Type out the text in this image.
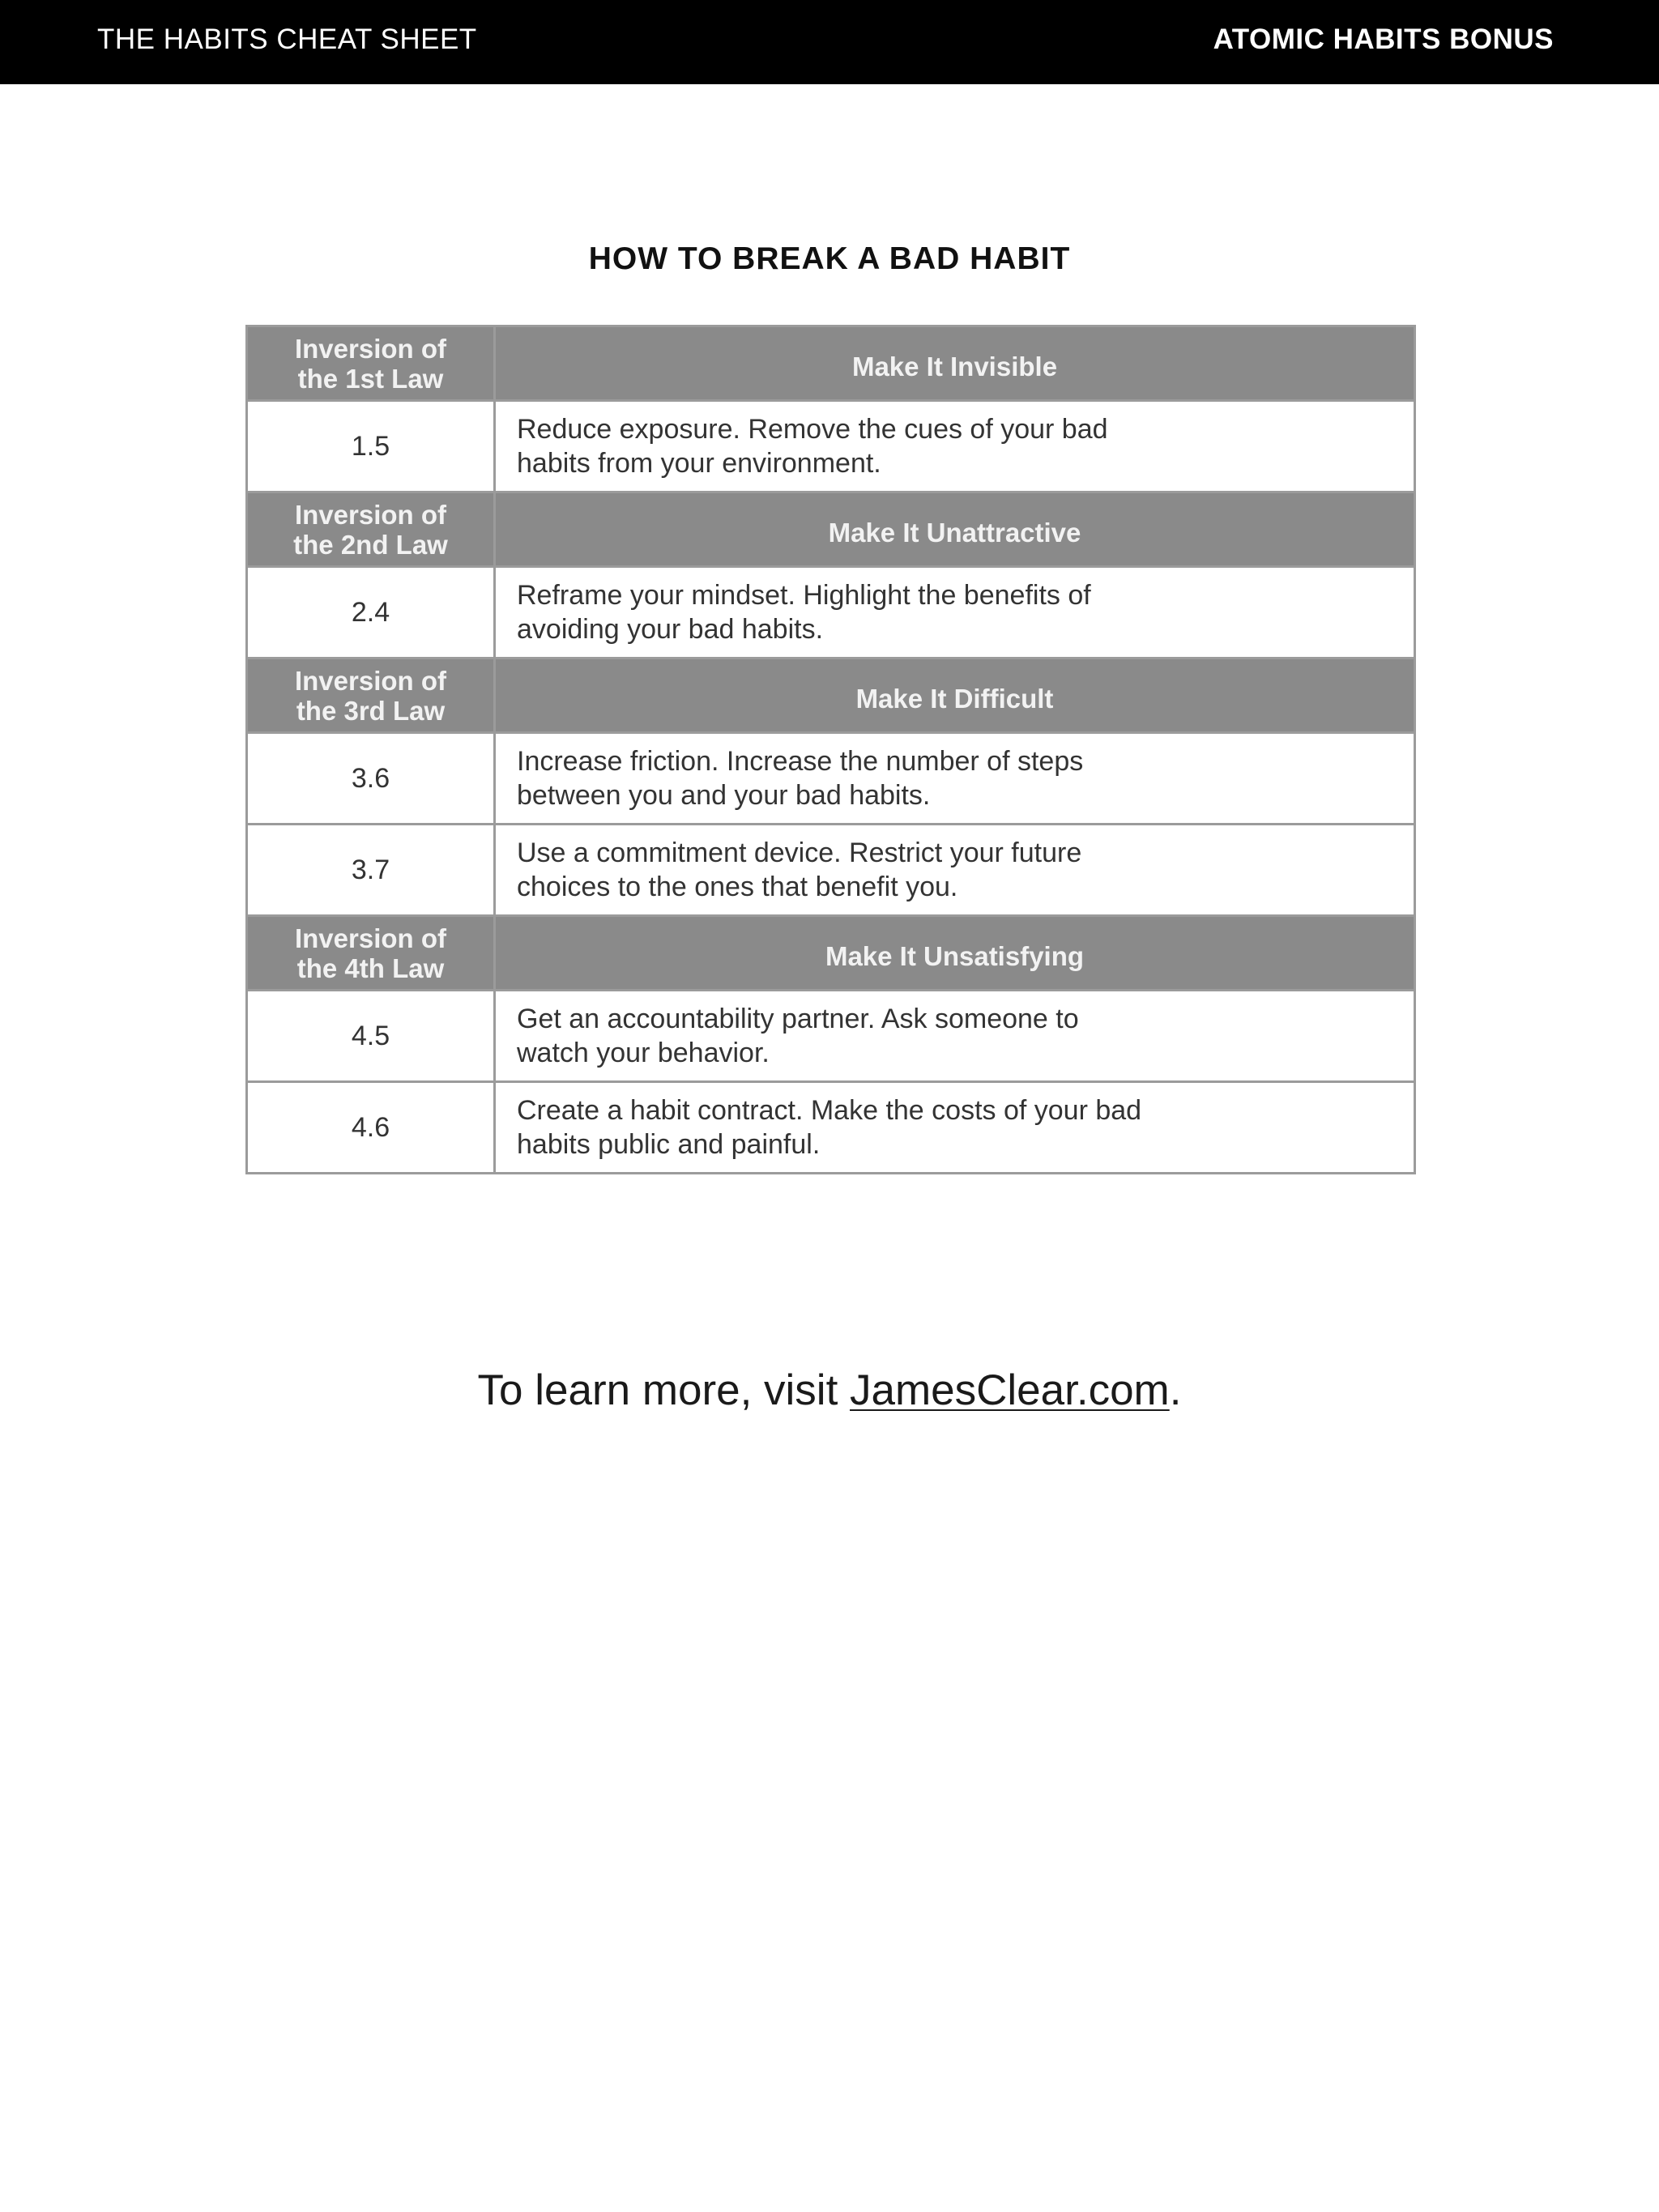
THE HABITS CHEAT SHEET	ATOMIC HABITS BONUS
HOW TO BREAK A BAD HABIT
Inversion of
the 1st Law	Make It Invisible
1.5	Reduce exposure. Remove the cues of your bad
habits from your environment.

Inversion of
the 2nd Law	Make It Unattractive
2.4	Reframe your mindset. Highlight the benefits of
avoiding your bad habits.

Inversion of
the 3rd Law	Make It Difficult
3.6	Increase friction. Increase the number of steps
between you and your bad habits.

3.7	Use a commitment device. Restrict your future
choices to the ones that benefit you.

Inversion of
the 4th Law	Make It Unsatisfying
4.5	Get an accountability partner. Ask someone to
watch your behavior.

4.6	Create a habit contract. Make the costs of your bad
habits public and painful.
To learn more, visit JamesClear.com.
